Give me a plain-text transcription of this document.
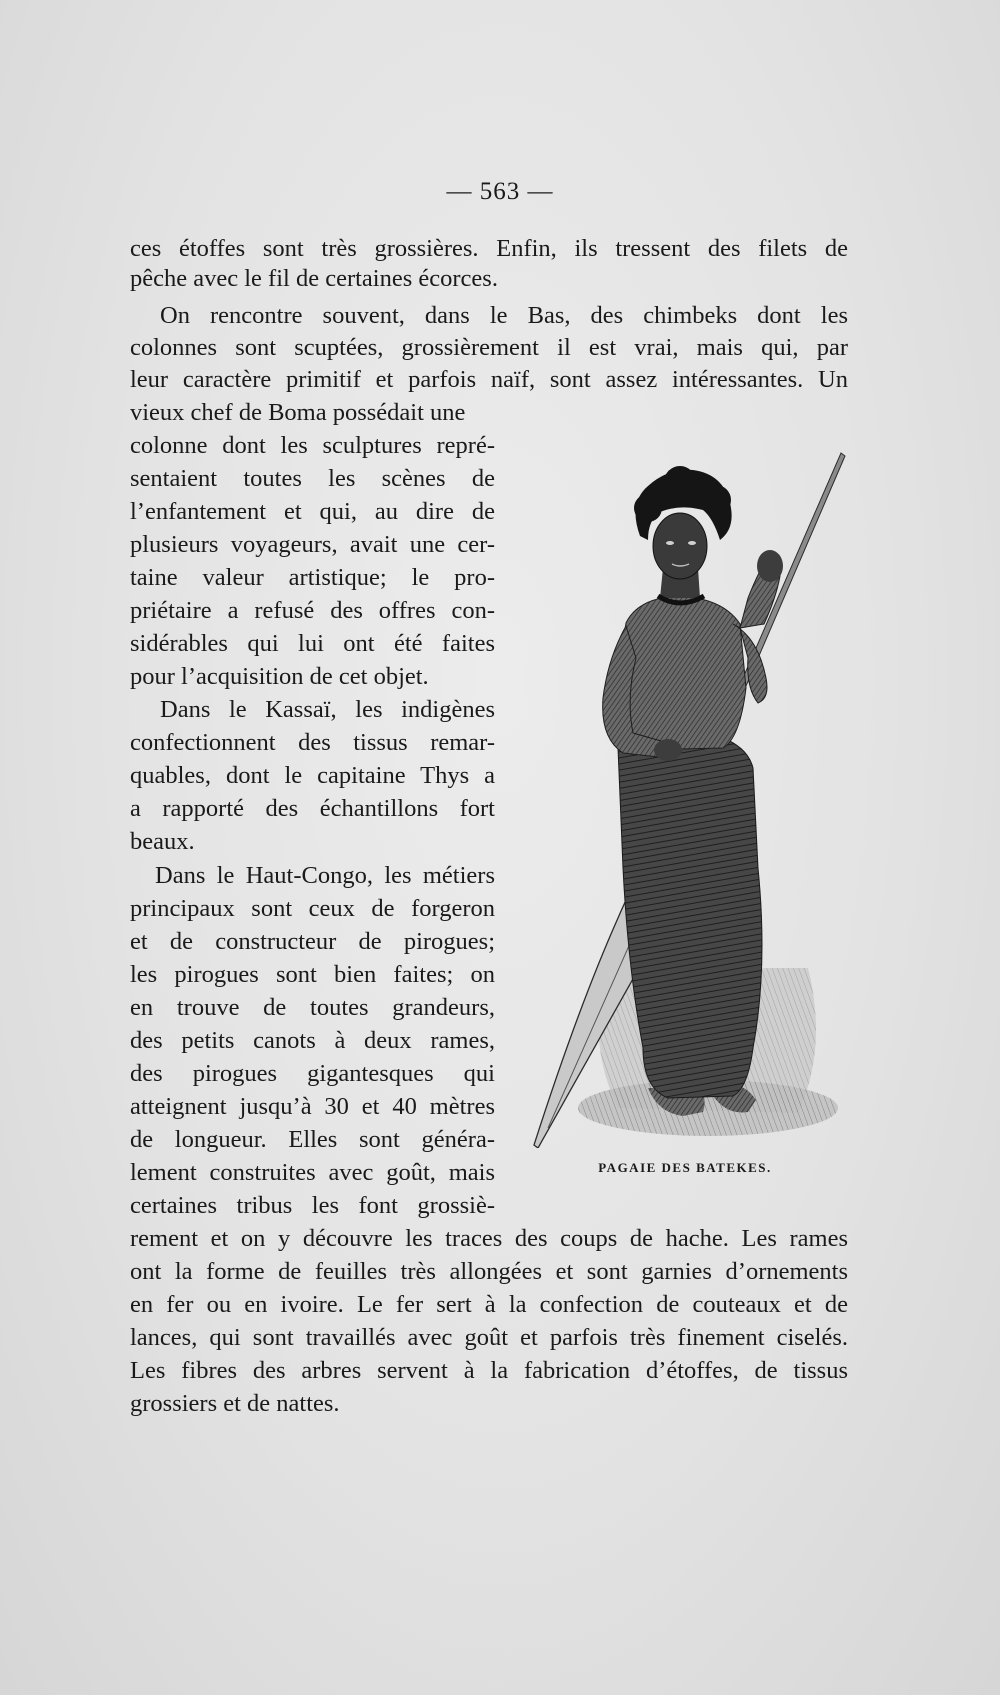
— 563 —
ces étoffes sont très grossières. Enfin, ils tressent des filets de
pêche avec le fil de certaines écorces.
On rencontre souvent, dans le Bas, des chimbeks dont les
colonnes sont scuptées, grossièrement il est vrai, mais qui, par
leur caractère primitif et parfois naïf, sont assez intéressantes. Un
vieux chef de Boma possédait une
colonne dont les sculptures repré-
sentaient toutes les scènes de
l’enfantement et qui, au dire de
plusieurs voyageurs, avait une cer-
taine valeur artistique; le pro-
priétaire a refusé des offres con-
sidérables qui lui ont été faites
pour l’acquisition de cet objet.
Dans le Kassaï, les indigènes
confectionnent des tissus remar-
quables, dont le capitaine Thys a
a rapporté des échantillons fort
beaux.
Dans le Haut-Congo, les métiers
principaux sont ceux de forgeron
et de constructeur de pirogues;
les pirogues sont bien faites; on
en trouve de toutes grandeurs,
des petits canots à deux rames,
des pirogues gigantesques qui
atteignent jusqu’à 30 et 40 mètres
de longueur. Elles sont généra-
lement construites avec goût, mais
certaines tribus les font grossiè-
rement et on y découvre les traces des coups de hache. Les rames
ont la forme de feuilles très allongées et sont garnies d’ornements
en fer ou en ivoire. Le fer sert à la confection de couteaux et de
lances, qui sont travaillés avec goût et parfois très finement ciselés.
Les fibres des arbres servent à la fabrication d’étoffes, de tissus
grossiers et de nattes.
PAGAIE DES BATEKES.
